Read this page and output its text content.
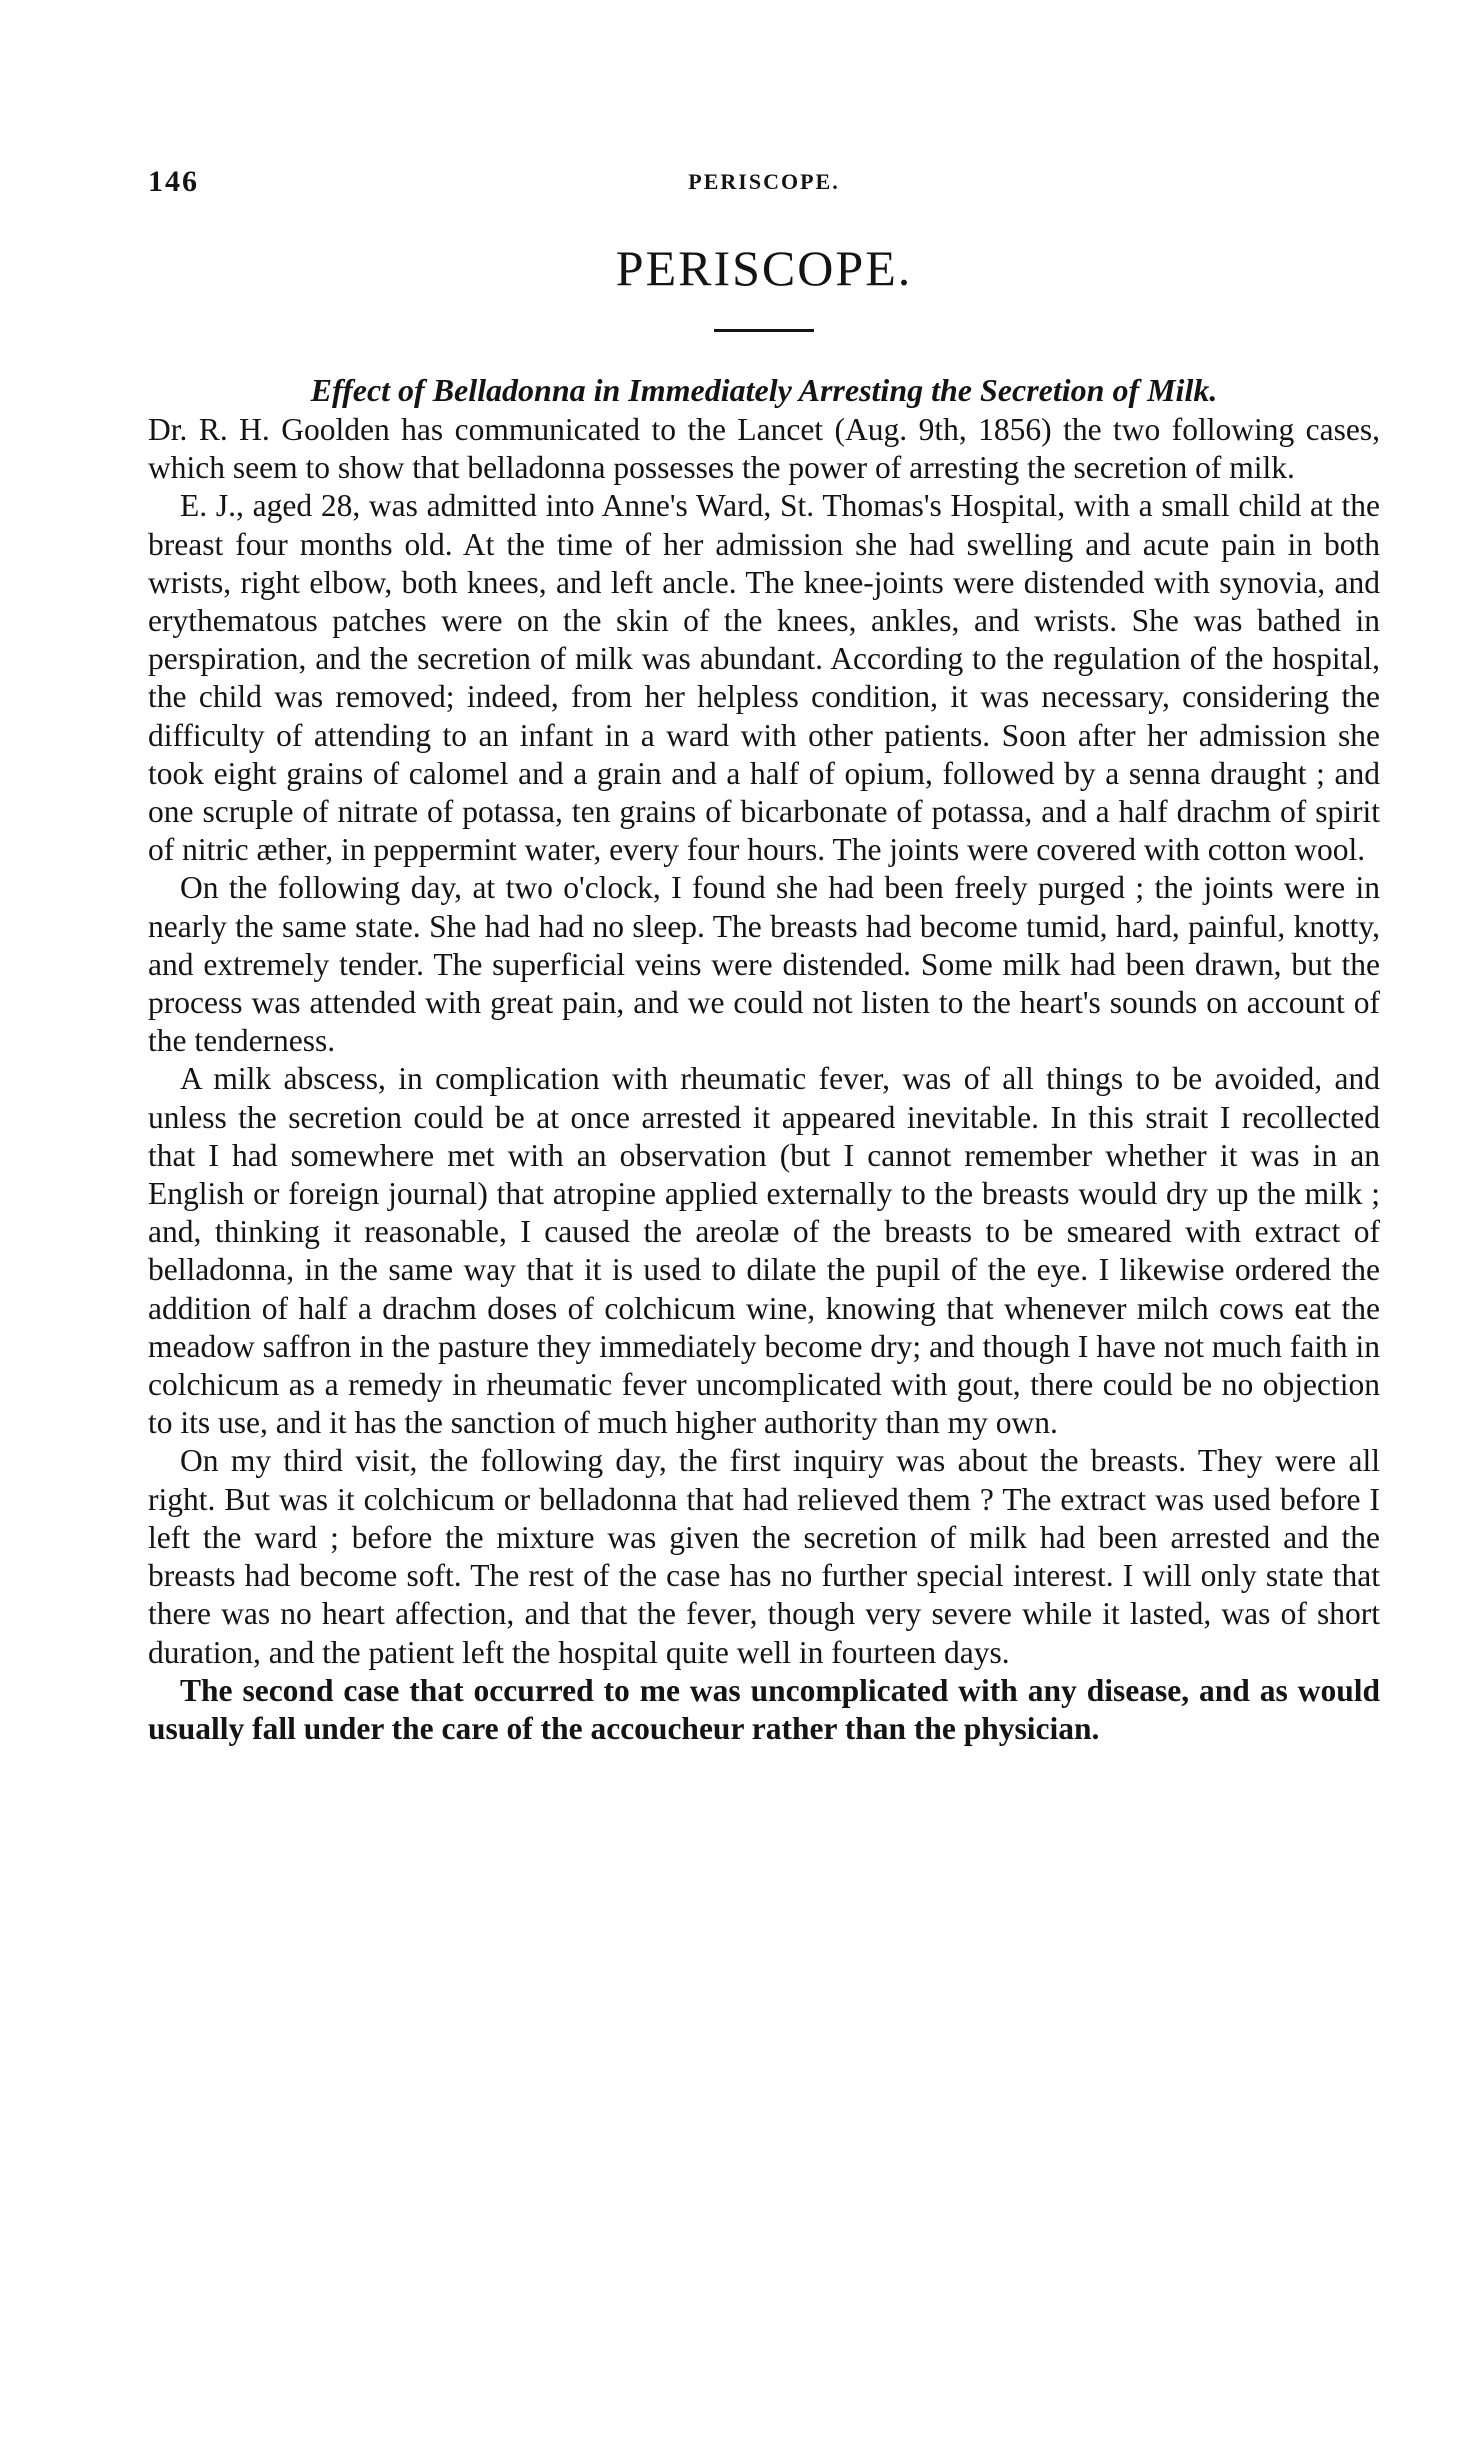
146	PERISCOPE.
PERISCOPE.
Effect of Belladonna in Immediately Arresting the Secretion of Milk.

Dr. R. H. Goolden has communicated to the Lancet (Aug. 9th, 1856) the two following cases, which seem to show that belladonna possesses the power of arresting the secretion of milk.

E. J., aged 28, was admitted into Anne's Ward, St. Thomas's Hospital, with a small child at the breast four months old. At the time of her admission she had swelling and acute pain in both wrists, right elbow, both knees, and left ancle. The knee-joints were distended with synovia, and erythematous patches were on the skin of the knees, ankles, and wrists. She was bathed in perspiration, and the secretion of milk was abundant. According to the regulation of the hospital, the child was removed; indeed, from her helpless condition, it was necessary, considering the difficulty of attending to an infant in a ward with other patients. Soon after her admission she took eight grains of calomel and a grain and a half of opium, followed by a senna draught ; and one scruple of nitrate of potassa, ten grains of bicarbonate of potassa, and a half drachm of spirit of nitric æther, in peppermint water, every four hours. The joints were covered with cotton wool.

On the following day, at two o'clock, I found she had been freely purged ; the joints were in nearly the same state. She had had no sleep. The breasts had become tumid, hard, painful, knotty, and extremely tender. The superficial veins were distended. Some milk had been drawn, but the process was attended with great pain, and we could not listen to the heart's sounds on account of the tenderness.

A milk abscess, in complication with rheumatic fever, was of all things to be avoided, and unless the secretion could be at once arrested it appeared inevitable. In this strait I recollected that I had somewhere met with an observation (but I cannot remember whether it was in an English or foreign journal) that atropine applied externally to the breasts would dry up the milk ; and, thinking it reasonable, I caused the areolæ of the breasts to be smeared with extract of belladonna, in the same way that it is used to dilate the pupil of the eye. I likewise ordered the addition of half a drachm doses of colchicum wine, knowing that whenever milch cows eat the meadow saffron in the pasture they immediately become dry; and though I have not much faith in colchicum as a remedy in rheumatic fever uncomplicated with gout, there could be no objection to its use, and it has the sanction of much higher authority than my own.

On my third visit, the following day, the first inquiry was about the breasts. They were all right. But was it colchicum or belladonna that had relieved them ? The extract was used before I left the ward ; before the mixture was given the secretion of milk had been arrested and the breasts had become soft. The rest of the case has no further special interest. I will only state that there was no heart affection, and that the fever, though very severe while it lasted, was of short duration, and the patient left the hospital quite well in fourteen days.

The second case that occurred to me was uncomplicated with any disease, and as would usually fall under the care of the accoucheur rather than the physician.
